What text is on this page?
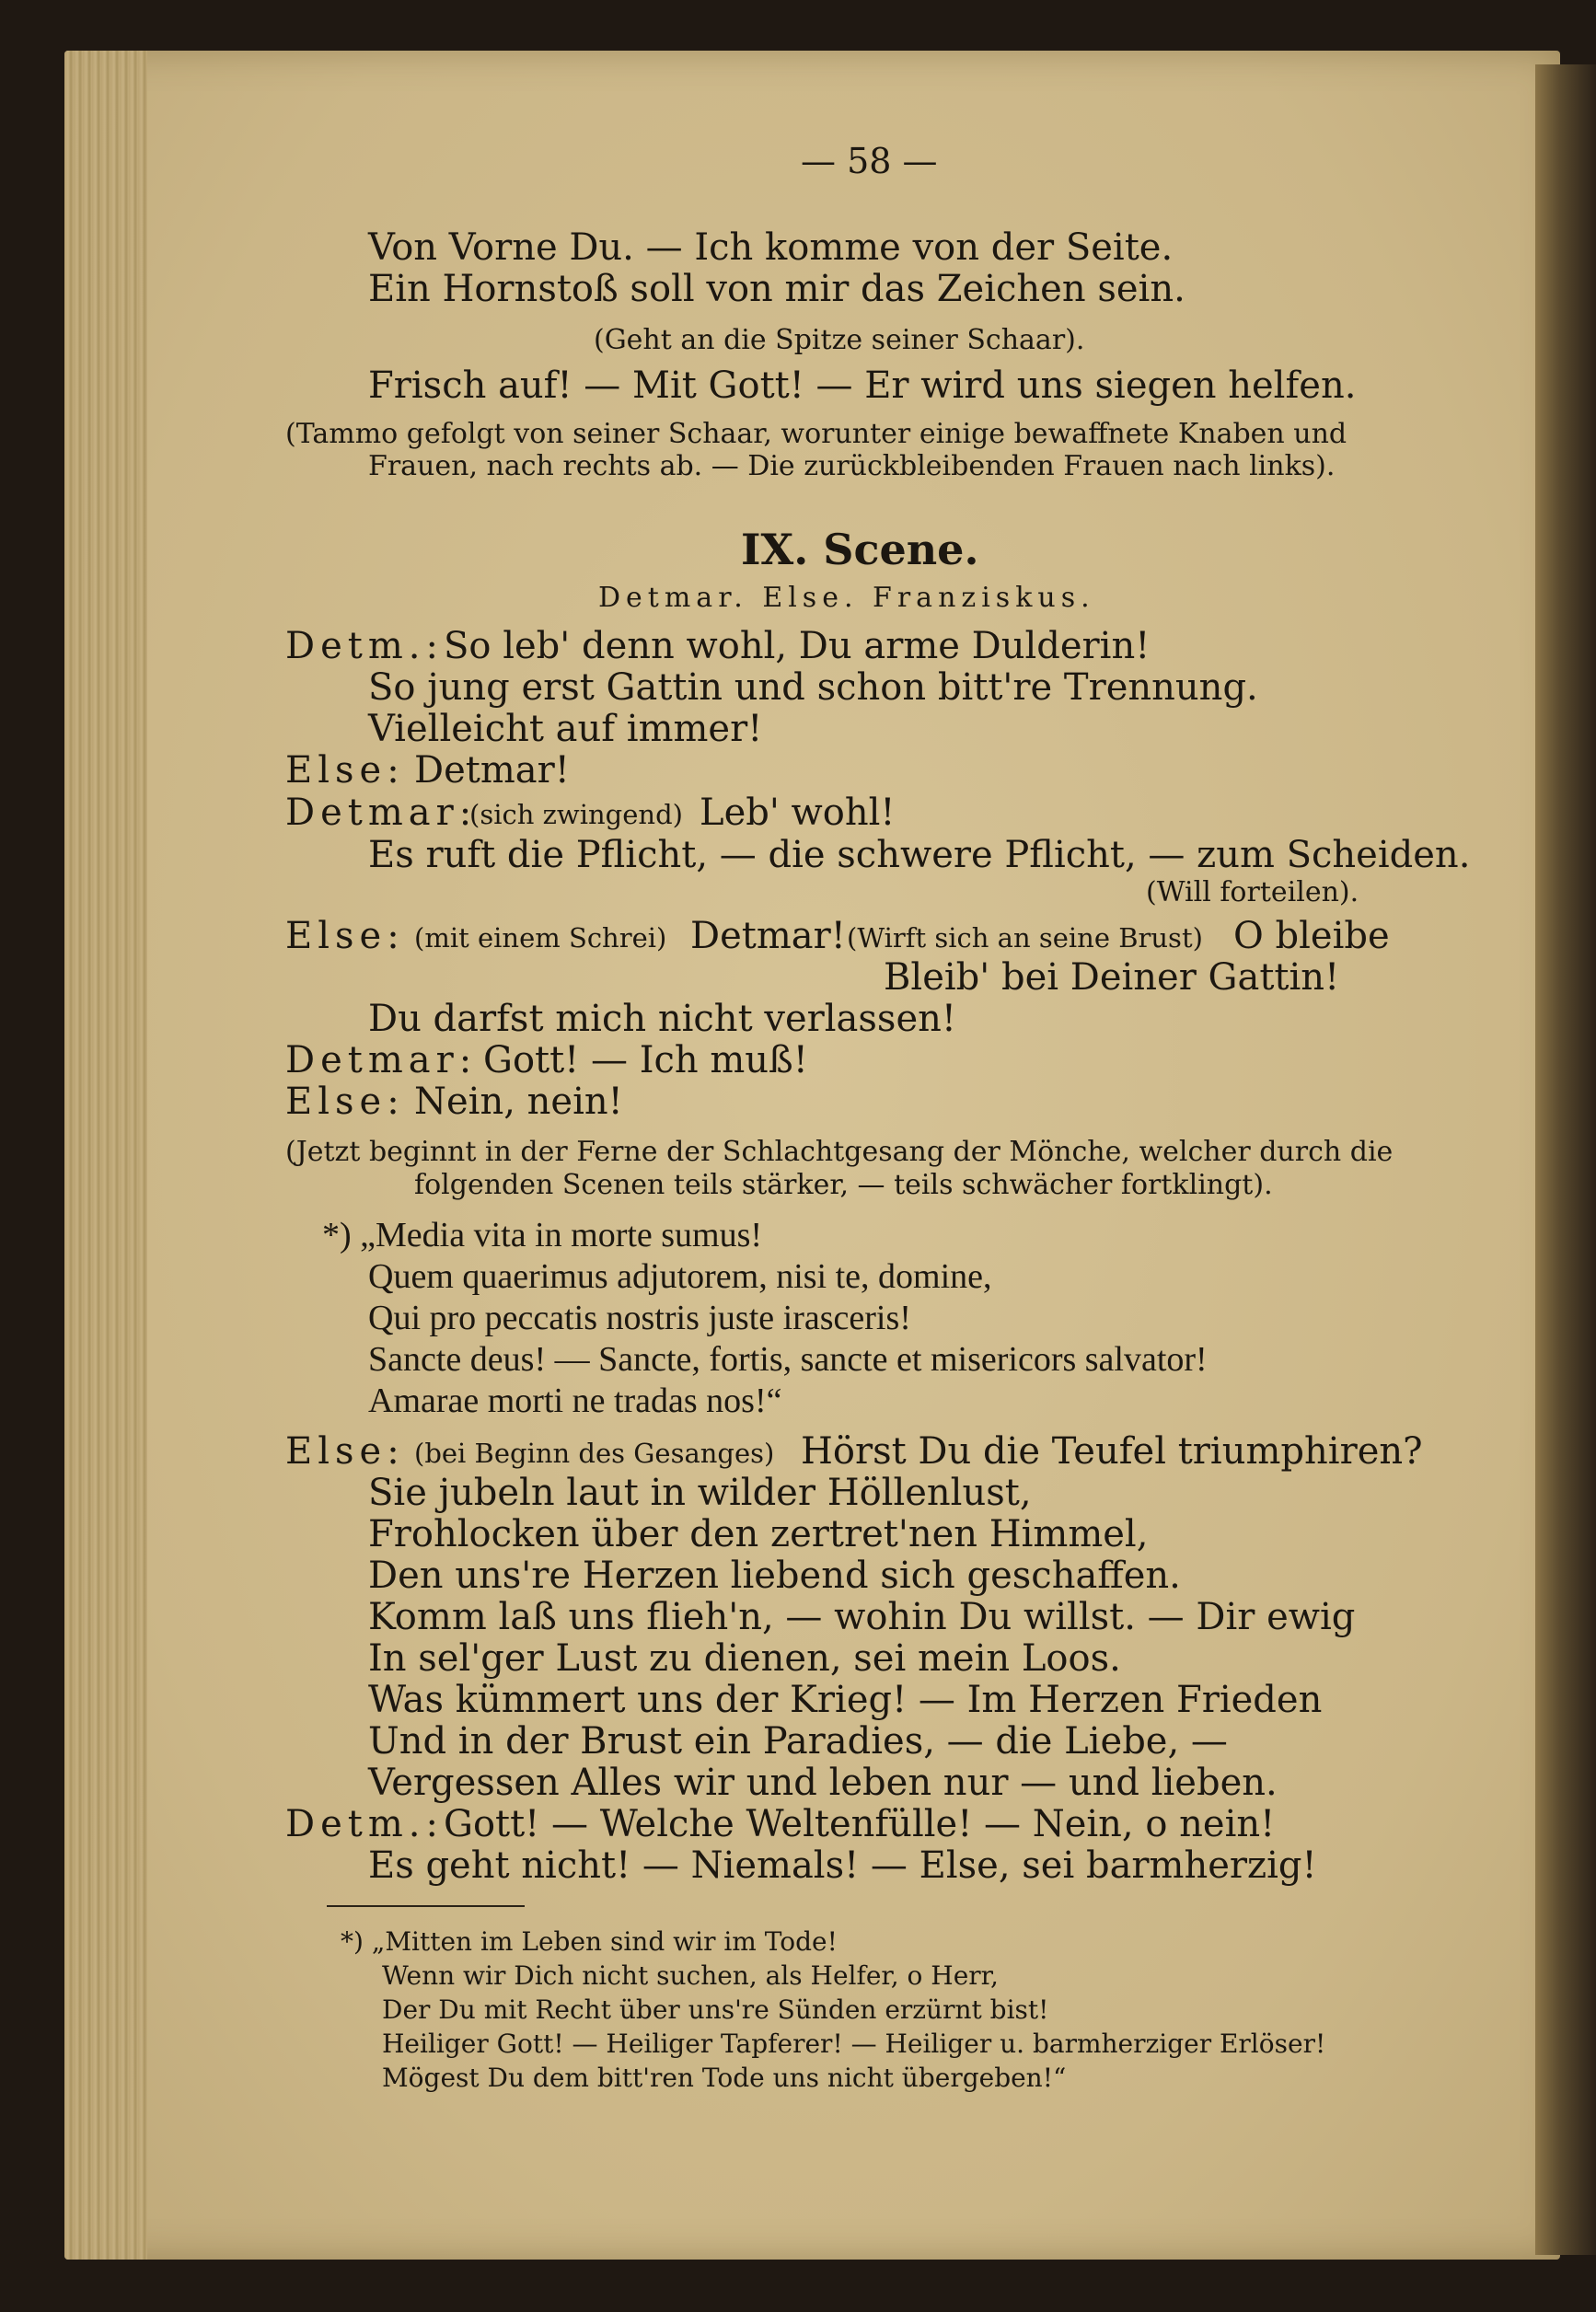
— 58 —
Von Vorne Du. — Ich komme von der Seite.
Ein Hornstoß soll von mir das Zeichen sein.
(Geht an die Spitze seiner Schaar).
Frisch auf! — Mit Gott! — Er wird uns siegen helfen.
(Tammo gefolgt von seiner Schaar, worunter einige bewaffnete Knaben und
Frauen, nach rechts ab. — Die zurückbleibenden Frauen nach links).
IX. Scene.
Detmar. Else. Franziskus.
Detm.: So leb' denn wohl, Du arme Dulderin!
So jung erst Gattin und schon bitt're Trennung.
Vielleicht auf immer!
Else: Detmar!
Detmar:
(sich zwingend) Leb' wohl!
Es ruft die Pflicht, — die schwere Pflicht, — zum Scheiden.
(Will forteilen).
Else: (mit einem Schrei) Detmar! (Wirft sich an seine Brust) O bleibe
Bleib' bei Deiner Gattin!
Du darfst mich nicht verlassen!
Detmar: Gott! — Ich muß!
Else: Nein, nein!
(Jetzt beginnt in der Ferne der Schlachtgesang der Mönche, welcher durch die
folgenden Scenen teils stärker, — teils schwächer fortklingt).
*) „Media vita in morte sumus!
Quem quaerimus adjutorem, nisi te, domine,
Qui pro peccatis nostris juste irasceris!
Sancte deus! — Sancte, fortis, sancte et misericors salvator!
Amarae morti ne tradas nos!“
Else: (bei Beginn des Gesanges) Hörst Du die Teufel triumphiren?
Sie jubeln laut in wilder Höllenlust,
Frohlocken über den zertret'nen Himmel,
Den uns're Herzen liebend sich geschaffen.
Komm laß uns flieh'n, — wohin Du willst. — Dir ewig
In sel'ger Lust zu dienen, sei mein Loos.
Was kümmert uns der Krieg! — Im Herzen Frieden
Und in der Brust ein Paradies, — die Liebe, —
Vergessen Alles wir und leben nur — und lieben.
Detm.: Gott! — Welche Weltenfülle! — Nein, o nein!
Es geht nicht! — Niemals! — Else, sei barmherzig!
*) „Mitten im Leben sind wir im Tode!
Wenn wir Dich nicht suchen, als Helfer, o Herr,
Der Du mit Recht über uns're Sünden erzürnt bist!
Heiliger Gott! — Heiliger Tapferer! — Heiliger u. barmherziger Erlöser!
Mögest Du dem bitt'ren Tode uns nicht übergeben!“
